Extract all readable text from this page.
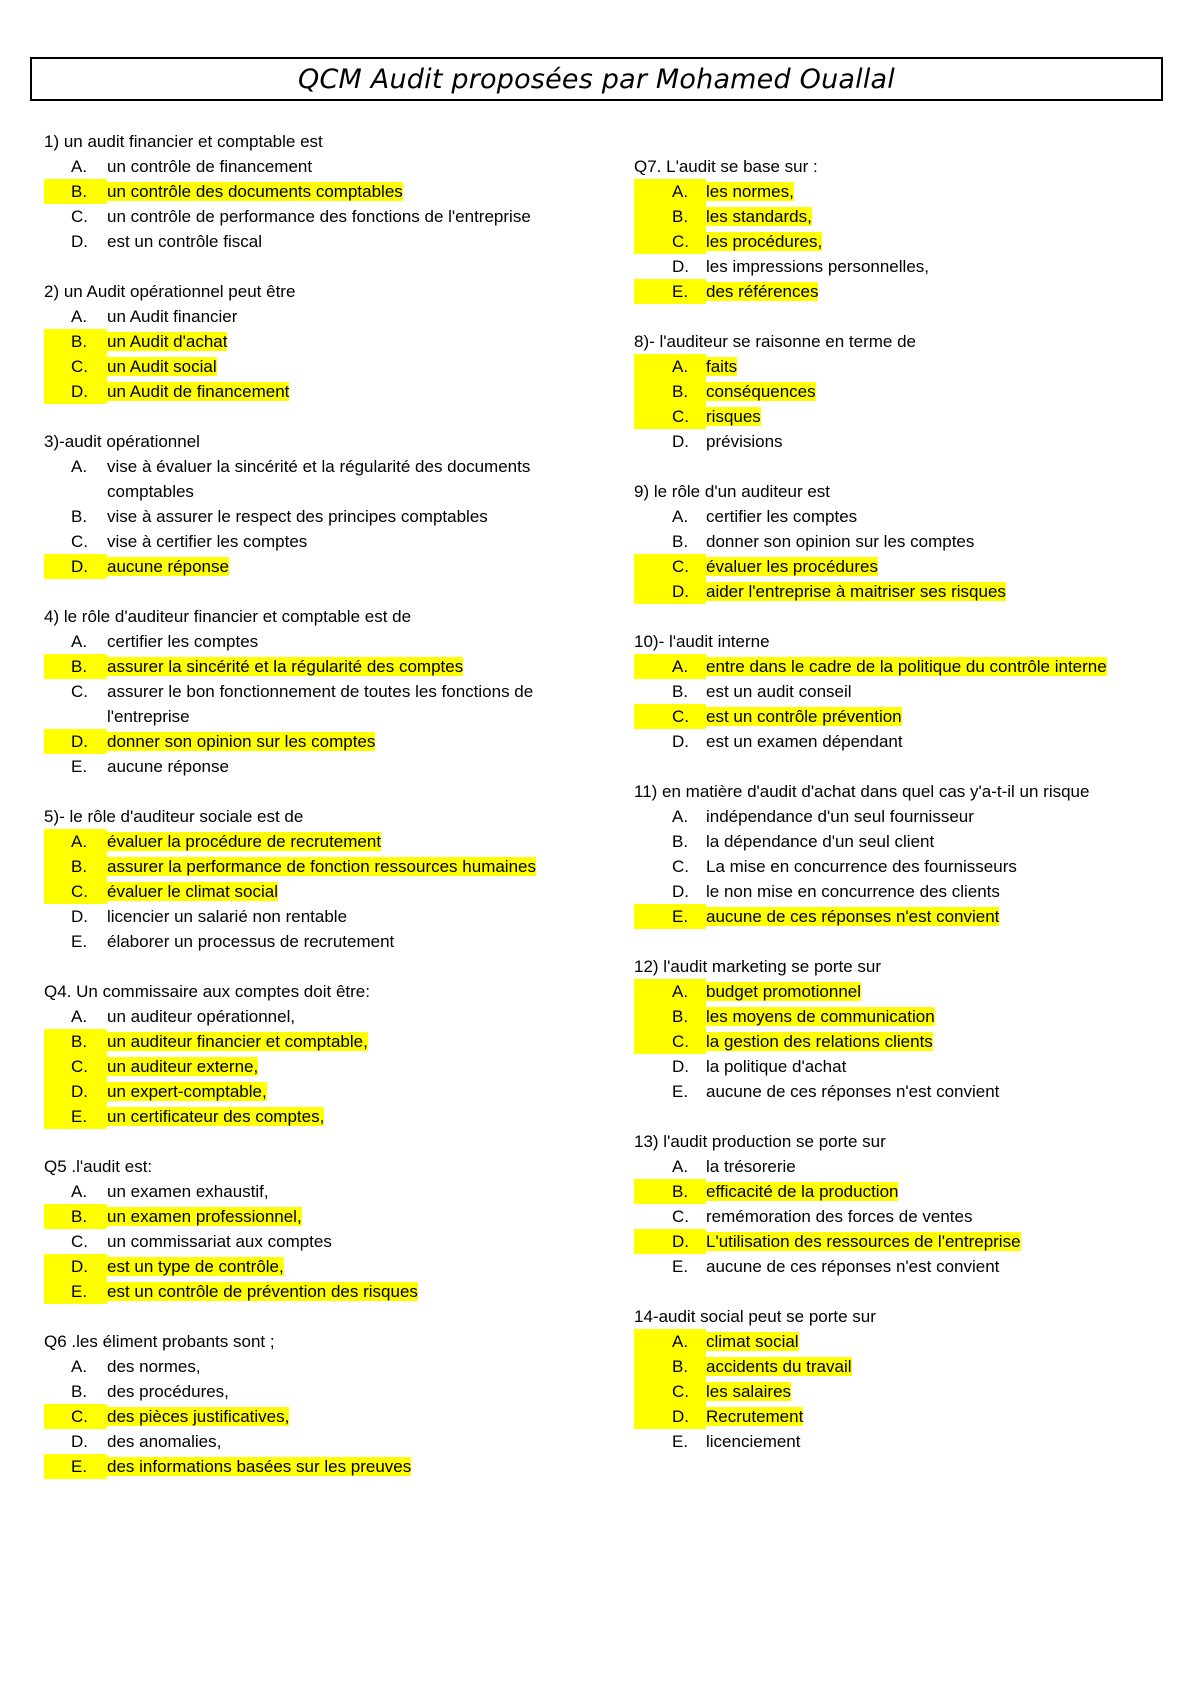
QCM Audit proposées par Mohamed Ouallal
1) un audit financier et comptable est
A.	un contrôle de financement
B.	un contrôle des documents comptables
C.	un contrôle de performance des fonctions de l'entreprise
D.	est un contrôle fiscal
2) un Audit opérationnel peut être
A.	un Audit financier
B.	un Audit d'achat
C.	un Audit social
D.	un Audit de financement
3)-audit opérationnel
A.	vise à évaluer la sincérité et la régularité des documents comptables
B.	vise à assurer le respect des principes comptables
C.	vise à certifier les comptes
D.	aucune réponse
4) le rôle d'auditeur financier et comptable est de
A.	certifier les comptes
B.	assurer la sincérité et la régularité des comptes
C.	assurer le bon fonctionnement de toutes les fonctions de l'entreprise
D.	donner son opinion sur les comptes
E.	aucune réponse
5)- le rôle d'auditeur sociale est de
A.	évaluer la procédure de recrutement
B.	assurer la performance de fonction ressources humaines
C.	évaluer le climat social
D.	licencier un salarié non rentable
E.	élaborer un processus de recrutement
Q4. Un commissaire aux comptes doit être:
A.	un auditeur opérationnel,
B.	un auditeur financier et comptable,
C.	un auditeur externe,
D.	un expert-comptable,
E.	un certificateur des comptes,
Q5 .l'audit est:
A.	un examen exhaustif,
B.	un examen professionnel,
C.	un commissariat aux comptes
D.	est un type de contrôle,
E.	est un contrôle de prévention des risques
Q6 .les éliment probants sont ;
A.	des normes,
B.	des procédures,
C.	des pièces justificatives,
D.	des anomalies,
E.	des informations basées sur les preuves
Q7. L'audit se base sur :
A.	les normes,
B.	les standards,
C.	les procédures,
D.	les impressions personnelles,
E.	des références
8)- l'auditeur se raisonne en terme de
A.	faits
B.	conséquences
C.	risques
D.	prévisions
9) le rôle d'un auditeur est
A.	certifier les comptes
B.	donner son opinion sur les comptes
C.	évaluer les procédures
D.	aider l'entreprise à maitriser ses risques
10)- l'audit interne
A.	entre dans le cadre de la politique du contrôle interne
B.	est un audit conseil
C.	est un contrôle prévention
D.	est un examen dépendant
11) en matière d'audit d'achat dans quel cas y'a-t-il un risque
A.	indépendance d'un seul fournisseur
B.	la dépendance d'un seul client
C.	La mise en concurrence des fournisseurs
D.	le non mise en concurrence des clients
E.	aucune de ces réponses n'est convient
12) l'audit marketing se porte sur
A.	budget promotionnel
B.	les moyens de communication
C.	la gestion des relations clients
D.	la politique d'achat
E.	aucune de ces réponses n'est convient
13) l'audit production se porte sur
A.	la trésorerie
B.	efficacité de la production
C.	remémoration des forces de ventes
D.	L'utilisation des ressources de l'entreprise
E.	aucune de ces réponses n'est convient
14-audit social peut se porte sur
A.	climat social
B.	accidents du travail
C.	les salaires
D.	Recrutement
E.	licenciement
